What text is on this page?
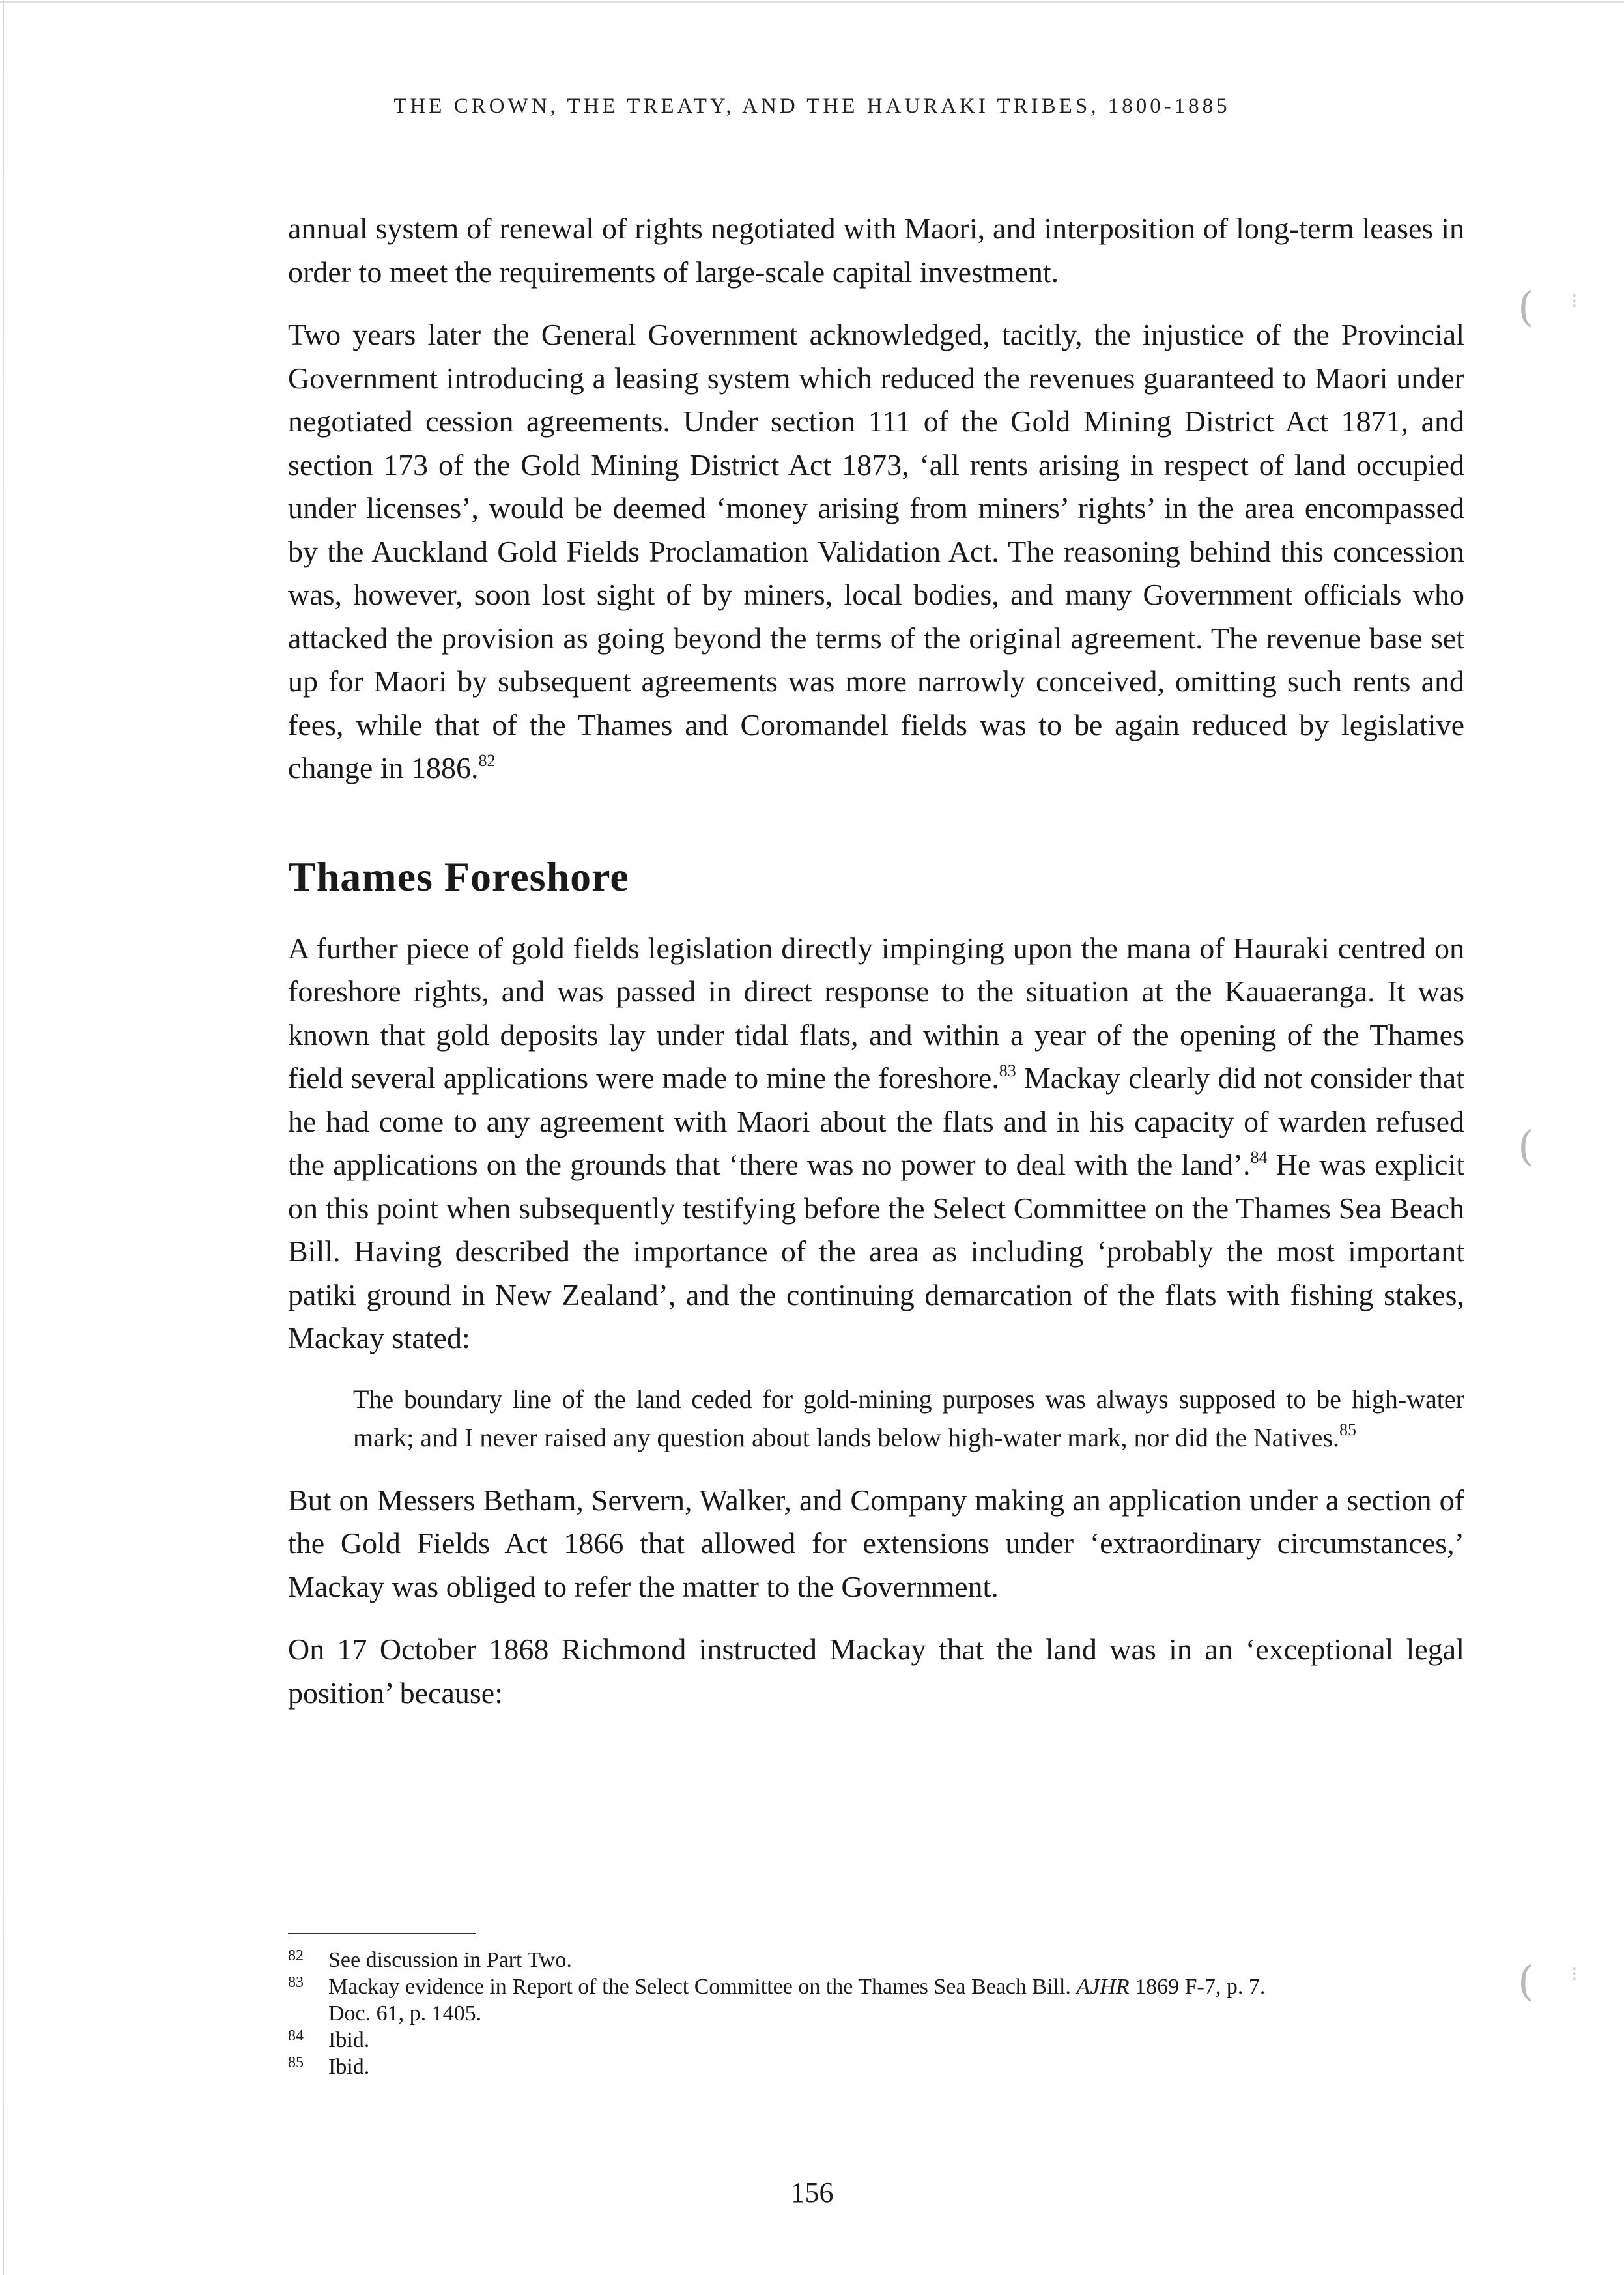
THE CROWN, THE TREATY, AND THE HAURAKI TRIBES, 1800-1885

annual system of renewal of rights negotiated with Maori, and interposition of long-term leases in order to meet the requirements of large-scale capital investment.

Two years later the General Government acknowledged, tacitly, the injustice of the Provincial Government introducing a leasing system which reduced the revenues guaranteed to Maori under negotiated cession agreements. Under section 111 of the Gold Mining District Act 1871, and section 173 of the Gold Mining District Act 1873, ‘all rents arising in respect of land occupied under licenses’, would be deemed ‘money arising from miners’ rights’ in the area encompassed by the Auckland Gold Fields Proclamation Validation Act. The reasoning behind this concession was, however, soon lost sight of by miners, local bodies, and many Government officials who attacked the provision as going beyond the terms of the original agreement. The revenue base set up for Maori by subsequent agreements was more narrowly conceived, omitting such rents and fees, while that of the Thames and Coromandel fields was to be again reduced by legislative change in 1886.82

Thames Foreshore

A further piece of gold fields legislation directly impinging upon the mana of Hauraki centred on foreshore rights, and was passed in direct response to the situation at the Kauaeranga. It was known that gold deposits lay under tidal flats, and within a year of the opening of the Thames field several applications were made to mine the foreshore.$^{83}$ Mackay clearly did not consider that he had come to any agreement with Maori about the flats and in his capacity of warden refused the applications on the grounds that ‘there was no power to deal with the land’.$^{84}$ He was explicit on this point when subsequently testifying before the Select Committee on the Thames Sea Beach Bill. Having described the importance of the area as including ‘probably the most important patiki ground in New Zealand’, and the continuing demarcation of the flats with fishing stakes, Mackay stated:

The boundary line of the land ceded for gold-mining purposes was always supposed to be high-water mark; and I never raised any question about lands below high-water mark, nor did the Natives.$^{85}$

But on Messers Betham, Servern, Walker, and Company making an application under a section of the Gold Fields Act 1866 that allowed for extensions under ‘extraordinary circumstances,’ Mackay was obliged to refer the matter to the Government.

On 17 October 1868 Richmond instructed Mackay that the land was in an ‘exceptional legal position’ because:

82	See discussion in Part Two.
83	Mackay evidence in Report of the Select Committee on the Thames Sea Beach Bill. AJHR 1869 F-7, p. 7.
Doc. 61, p. 1405.
84	Ibid.
85	Ibid.
156
( ⁝
(
( ⁝
